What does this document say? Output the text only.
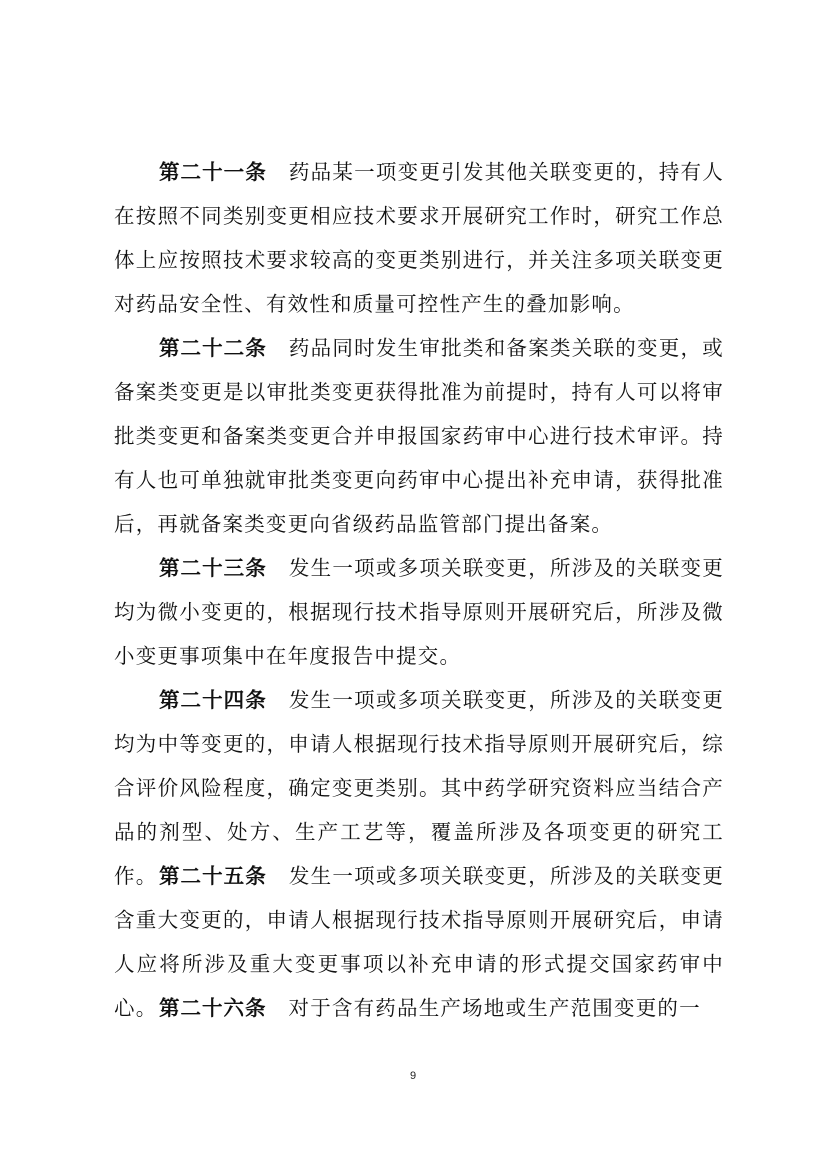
第二十一条 药品某一项变更引发其他关联变更的，持有人在按照不同类别变更相应技术要求开展研究工作时，研究工作总体上应按照技术要求较高的变更类别进行，并关注多项关联变更对药品安全性、有效性和质量可控性产生的叠加影响。

第二十二条 药品同时发生审批类和备案类关联的变更，或备案类变更是以审批类变更获得批准为前提时，持有人可以将审批类变更和备案类变更合并申报国家药审中心进行技术审评。持有人也可单独就审批类变更向药审中心提出补充申请，获得批准后，再就备案类变更向省级药品监管部门提出备案。

第二十三条 发生一项或多项关联变更，所涉及的关联变更均为微小变更的，根据现行技术指导原则开展研究后，所涉及微小变更事项集中在年度报告中提交。

第二十四条 发生一项或多项关联变更，所涉及的关联变更均为中等变更的，申请人根据现行技术指导原则开展研究后，综合评价风险程度，确定变更类别。其中药学研究资料应当结合产品的剂型、处方、生产工艺等，覆盖所涉及各项变更的研究工作。 第二十五条 发生一项或多项关联变更，所涉及的关联变更含重大变更的，申请人根据现行技术指导原则开展研究后，申请人应将所涉及重大变更事项以补充申请的形式提交国家药审中心。 第二十六条 对于含有药品生产场地或生产范围变更的一

9
